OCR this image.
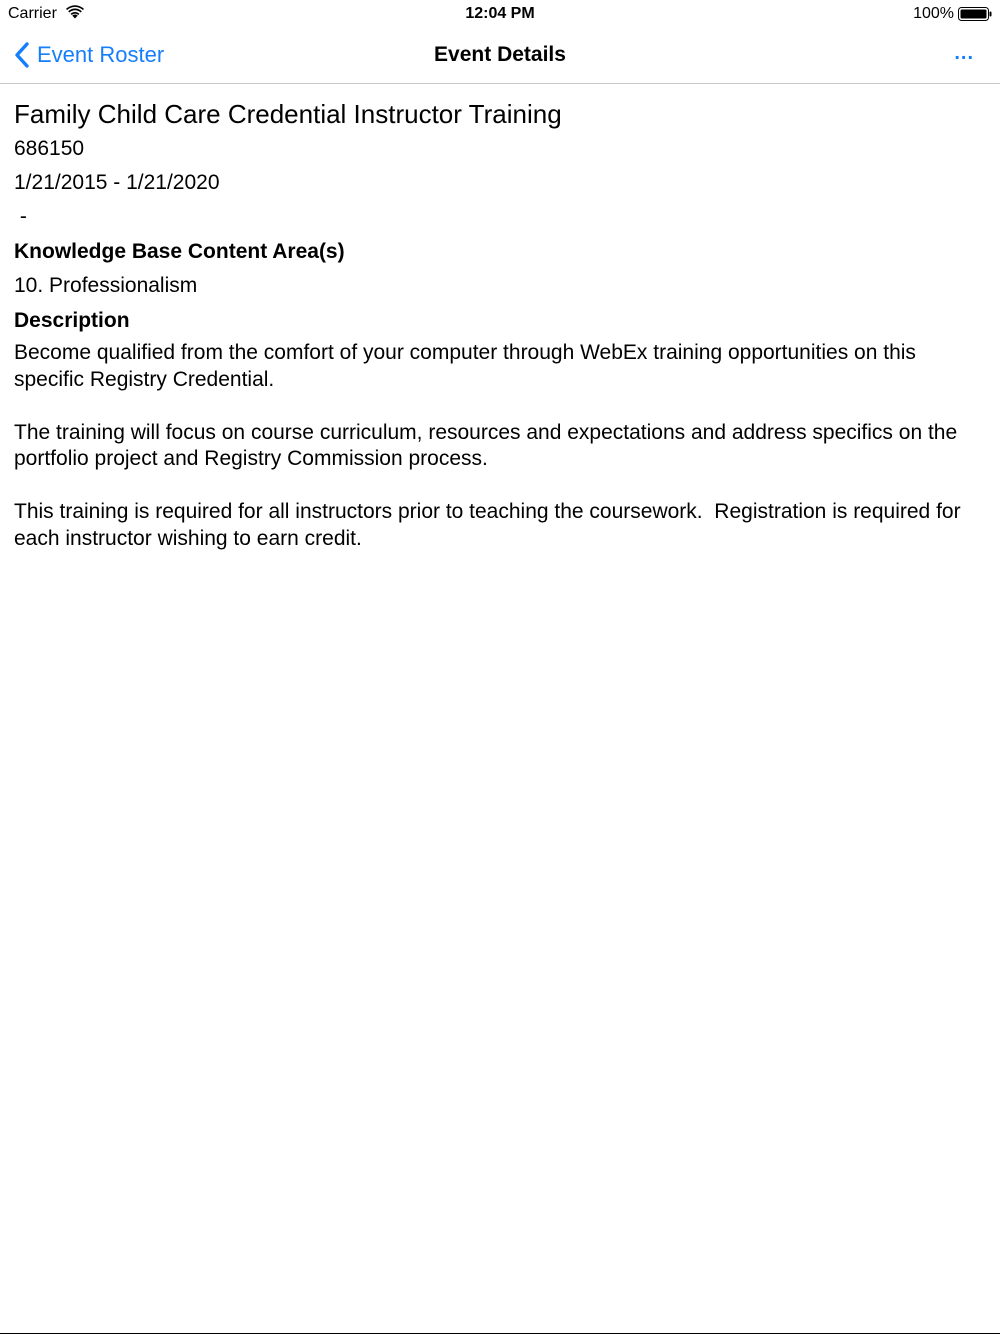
Carrier	12:04 PM	100%
Event Roster	Event Details	...
Family Child Care Credential Instructor Training
686150
1/21/2015 - 1/21/2020
-
Knowledge Base Content Area(s)
10. Professionalism
Description

Become qualified from the comfort of your computer through WebEx training opportunities on this specific Registry Credential.

The training will focus on course curriculum, resources and expectations and address specifics on the portfolio project and Registry Commission process.

This training is required for all instructors prior to teaching the coursework.  Registration is required for each instructor wishing to earn credit.
